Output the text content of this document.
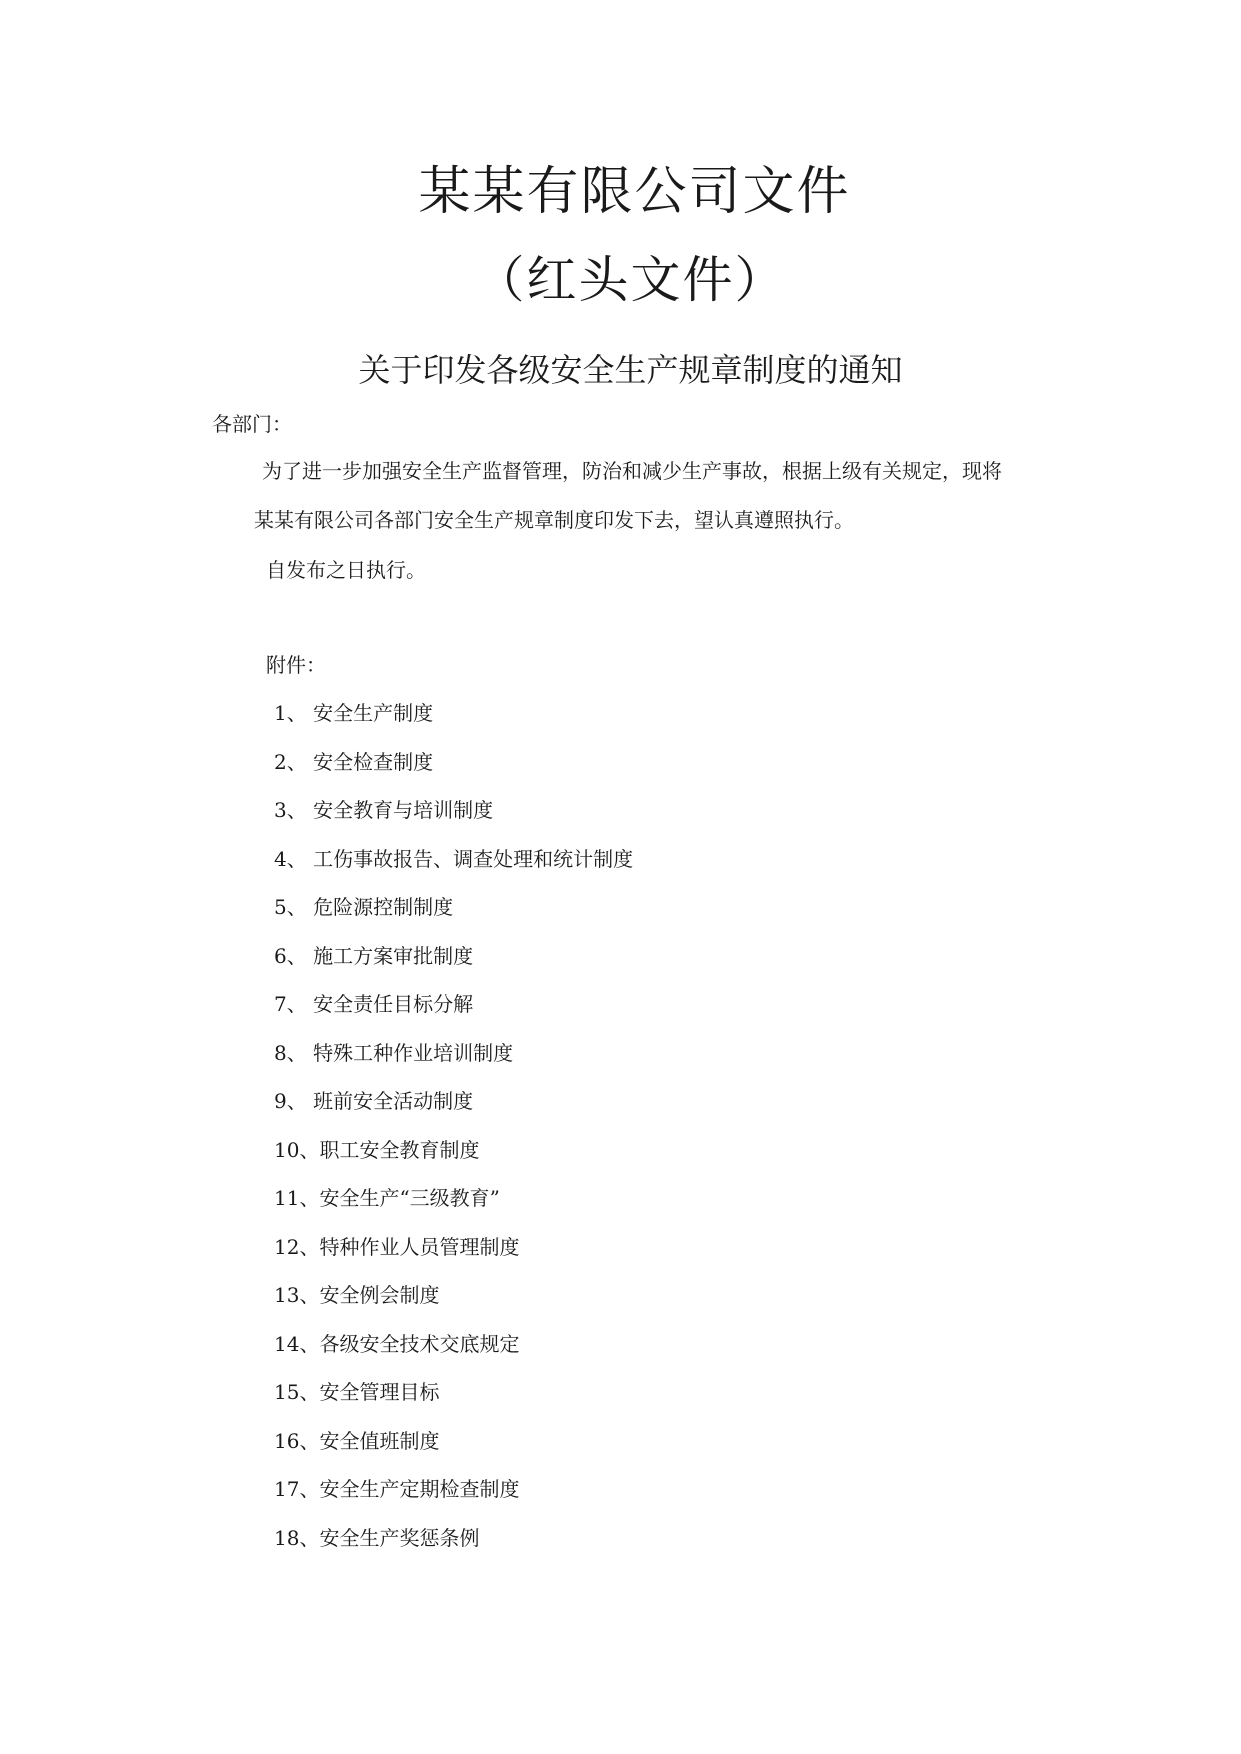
某某有限公司文件
（红头文件）
关于印发各级安全生产规章制度的通知
各部门：
为了进一步加强安全生产监督管理，防治和减少生产事故，根据上级有关规定，现将
某某有限公司各部门安全生产规章制度印发下去，望认真遵照执行。
自发布之日执行。
附件：
1、 安全生产制度
2、 安全检查制度
3、 安全教育与培训制度
4、 工伤事故报告、调查处理和统计制度
5、 危险源控制制度
6、 施工方案审批制度
7、 安全责任目标分解
8、 特殊工种作业培训制度
9、 班前安全活动制度
10、职工安全教育制度
11、安全生产“三级教育”
12、特种作业人员管理制度
13、安全例会制度
14、各级安全技术交底规定
15、安全管理目标
16、安全值班制度
17、安全生产定期检查制度
18、安全生产奖惩条例
